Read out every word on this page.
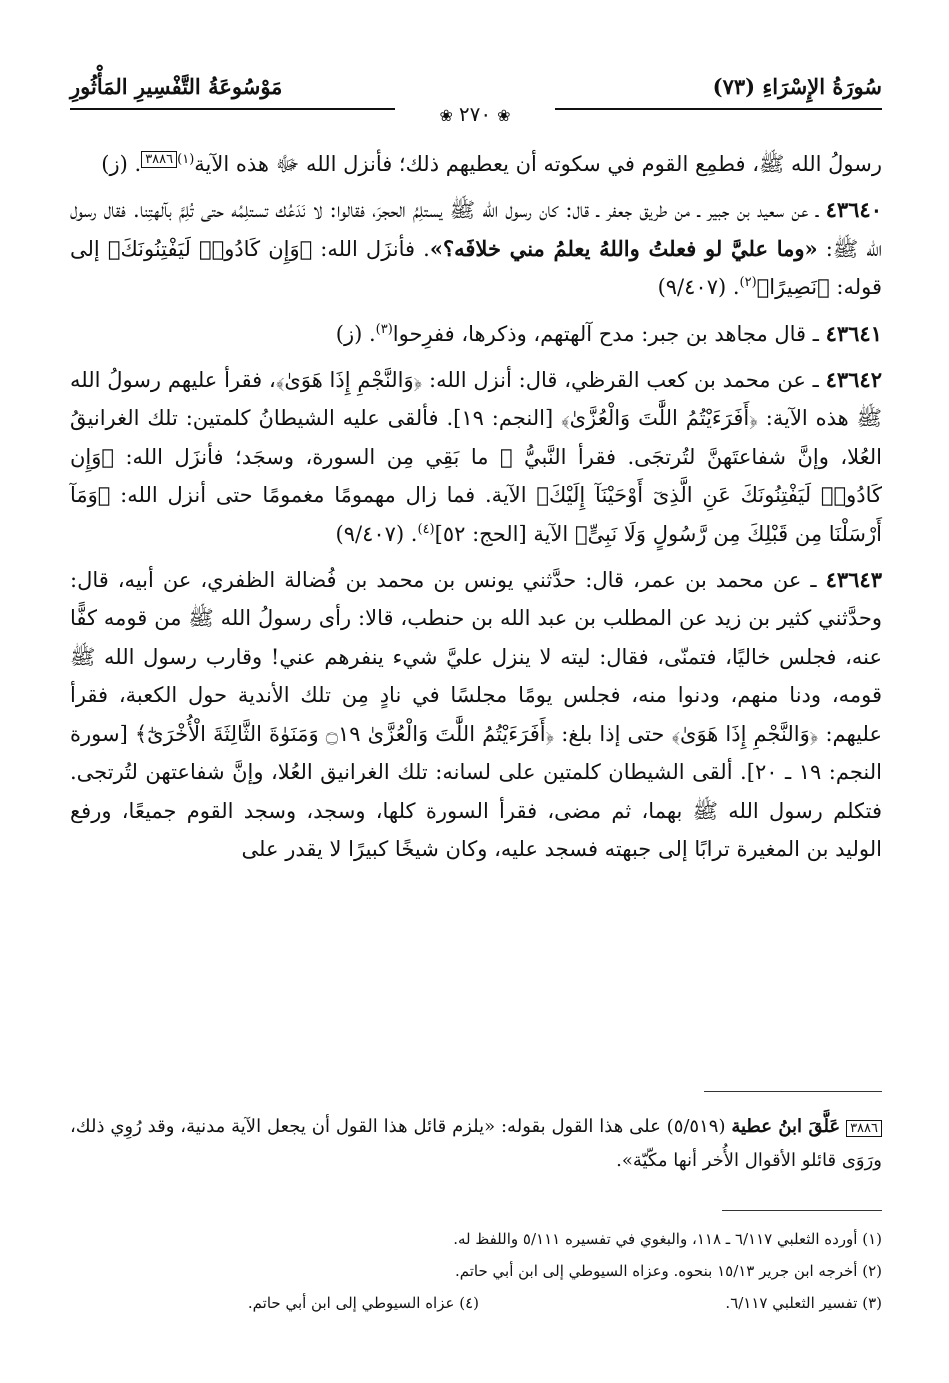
سُورَةُ الإِسْرَاءِ (٧٣)
مَوْسُوعَةُ التَّفْسِيرِ المَأْثُورِ
❀٢٧٠❀

رسولُ الله ﷺ، فطمِع القوم في سكوته أن يعطيهم ذلك؛ فأنزل الله ﷻ هذه الآية$^{(١)}$٣٨٨٦. (ز)

٤٣٦٤٠ ـ عن سعيد بن جبير ـ من طريق جعفر ـ قال: كان رسول الله ﷺ يستلِمُ الحجرَ، فقالوا: لا نَدَعُك تستلِمُه حتى تُلِمَّ بآلهتِنا. فقال رسول الله ﷺ: «وما عليَّ لو فعلتُ واللهُ يعلمُ مني خلافَه؟». فأنزَل الله: ﴿وَإِن كَادُوا۟ لَيَفْتِنُونَكَ﴾ إلى قوله: ﴿نَصِيرًا﴾$^{(٢)}$. (٩/٤٠٧)

٤٣٦٤١ ـ قال مجاهد بن جبر: مدح آلهتهم، وذكرها، ففرِحوا$^{(٣)}$. (ز)

٤٣٦٤٢ ـ عن محمد بن كعب القرظي، قال: أنزل الله: ﴿وَالنَّجْمِ إِذَا هَوَىٰ﴾، فقرأ عليهم رسولُ الله ﷺ هذه الآية: ﴿أَفَرَءَيْتُمُ اللَّٰتَ وَالْعُزَّىٰ﴾ [النجم: ١٩]. فألقى عليه الشيطانُ كلمتين: تلك الغرانيقُ العُلا، وإنَّ شفاعتَهنَّ لتُرتجَى. فقرأ النَّبيُّ ﷺ ما بَقِي مِن السورة، وسجَد؛ فأنزَل الله: ﴿وَإِن كَادُوا۟ لَيَفْتِنُونَكَ عَنِ الَّذِىٓ أَوْحَيْنَآ إِلَيْكَ﴾ الآية. فما زال مهمومًا مغمومًا حتى أنزل الله: ﴿وَمَآ أَرْسَلْنَا مِن قَبْلِكَ مِن رَّسُولٍ وَلَا نَبِىٍّ﴾ الآية [الحج: ٥٢]$^{(٤)}$. (٩/٤٠٧)

٤٣٦٤٣ ـ عن محمد بن عمر، قال: حدَّثني يونس بن محمد بن فُضالة الظفري، عن أبيه، قال: وحدَّثني كثير بن زيد عن المطلب بن عبد الله بن حنطب، قالا: رأى رسولُ الله ﷺ من قومه كفًّا عنه، فجلس خاليًا، فتمنّى، فقال: ليته لا ينزل عليَّ شيء ينفرهم عني! وقارب رسول الله ﷺ قومه، ودنا منهم، ودنوا منه، فجلس يومًا مجلسًا في نادٍ مِن تلك الأندية حول الكعبة، فقرأ عليهم: ﴿وَالنَّجْمِ إِذَا هَوَىٰ﴾ حتى إذا بلغ: ﴿أَفَرَءَيْتُمُ اللَّٰتَ وَالْعُزَّىٰ ۝١٩ وَمَنَوٰةَ الثَّالِثَةَ الْأُخْرَىٰٓ﴾ [سورة النجم: ١٩ ـ ٢٠]. ألقى الشيطان كلمتين على لسانه: تلك الغرانيق العُلا، وإنَّ شفاعتهن لتُرتجى. فتكلم رسول الله ﷺ بهما، ثم مضى، فقرأ السورة كلها، وسجد، وسجد القوم جميعًا، ورفع الوليد بن المغيرة ترابًا إلى جبهته فسجد عليه، وكان شيخًا كبيرًا لا يقدر على

٣٨٨٦ عَلَّقَ ابنُ عطية (٥/٥١٩) على هذا القول بقوله: «يلزم قائل هذا القول أن يجعل الآية مدنية، وقد رُوِي ذلك، ورَوَى قائلو الأقوال الأُخر أنها مكّيّة».

(١) أورده الثعلبي ٦/١١٧ ـ ١١٨، والبغوي في تفسيره ٥/١١١ واللفظ له.

(٢) أخرجه ابن جرير ١٥/١٣ بنحوه. وعزاه السيوطي إلى ابن أبي حاتم.

(٣) تفسير الثعلبي ٦/١١٧.

(٤) عزاه السيوطي إلى ابن أبي حاتم.
